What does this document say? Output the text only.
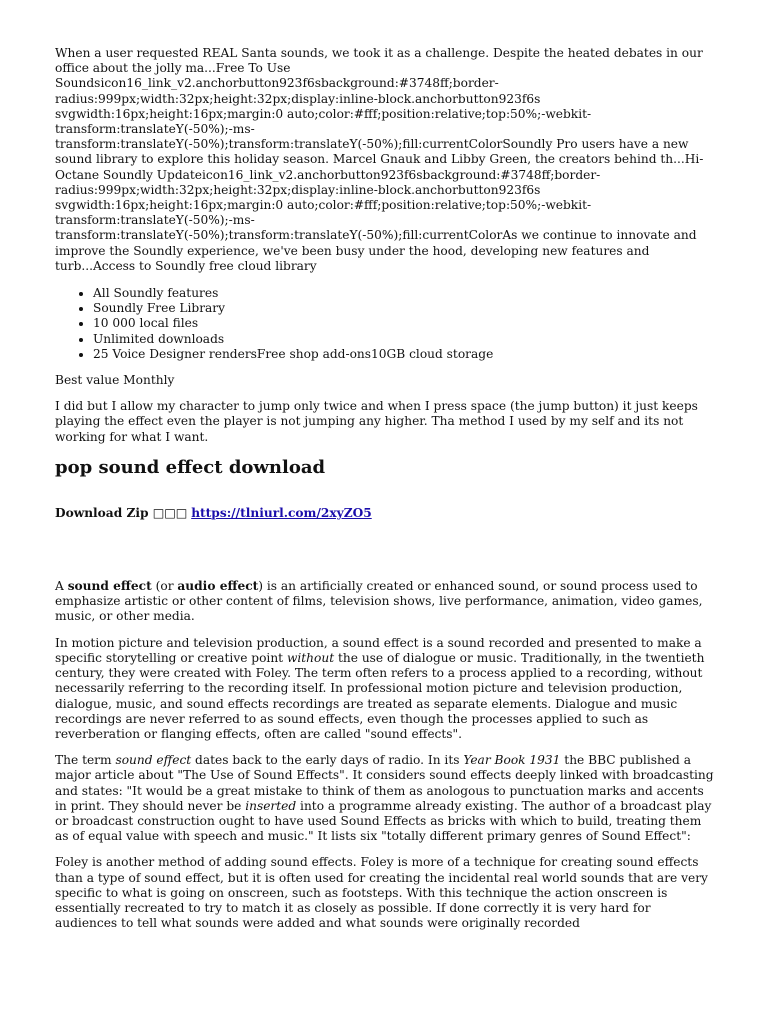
When a user requested REAL Santa sounds, we took it as a challenge. Despite the heated debates in our office about the jolly ma...Free To Use Soundsicon16_link_v2.anchorbutton923f6sbackground:#3748ff;border-radius:999px;width:32px;height:32px;display:inline-block.anchorbutton923f6s svgwidth:16px;height:16px;margin:0 auto;color:#fff;position:relative;top:50%;-webkit-transform:translateY(-50%);-ms-transform:translateY(-50%);transform:translateY(-50%);fill:currentColorSoundly Pro users have a new sound library to explore this holiday season. Marcel Gnauk and Libby Green, the creators behind th...Hi-Octane Soundly Updateicon16_link_v2.anchorbutton923f6sbackground:#3748ff;border-radius:999px;width:32px;height:32px;display:inline-block.anchorbutton923f6s svgwidth:16px;height:16px;margin:0 auto;color:#fff;position:relative;top:50%;-webkit-transform:translateY(-50%);-ms-transform:translateY(-50%);transform:translateY(-50%);fill:currentColorAs we continue to innovate and improve the Soundly experience, we've been busy under the hood, developing new features and turb...Access to Soundly free cloud library

• All Soundly features
• Soundly Free Library
• 10 000 local files
• Unlimited downloads
• 25 Voice Designer rendersFree shop add-ons10GB cloud storage

Best value Monthly

I did but I allow my character to jump only twice and when I press space (the jump button) it just keeps playing the effect even the player is not jumping any higher. Tha method I used by my self and its not working for what I want.

pop sound effect download

Download Zip □□□ https://tlniurl.com/2xyZO5

A sound effect (or audio effect) is an artificially created or enhanced sound, or sound process used to emphasize artistic or other content of films, television shows, live performance, animation, video games, music, or other media.

In motion picture and television production, a sound effect is a sound recorded and presented to make a specific storytelling or creative point without the use of dialogue or music. Traditionally, in the twentieth century, they were created with Foley. The term often refers to a process applied to a recording, without necessarily referring to the recording itself. In professional motion picture and television production, dialogue, music, and sound effects recordings are treated as separate elements. Dialogue and music recordings are never referred to as sound effects, even though the processes applied to such as reverberation or flanging effects, often are called "sound effects".

The term sound effect dates back to the early days of radio. In its Year Book 1931 the BBC published a major article about "The Use of Sound Effects". It considers sound effects deeply linked with broadcasting and states: "It would be a great mistake to think of them as anologous to punctuation marks and accents in print. They should never be inserted into a programme already existing. The author of a broadcast play or broadcast construction ought to have used Sound Effects as bricks with which to build, treating them as of equal value with speech and music." It lists six "totally different primary genres of Sound Effect":

Foley is another method of adding sound effects. Foley is more of a technique for creating sound effects than a type of sound effect, but it is often used for creating the incidental real world sounds that are very specific to what is going on onscreen, such as footsteps. With this technique the action onscreen is essentially recreated to try to match it as closely as possible. If done correctly it is very hard for audiences to tell what sounds were added and what sounds were originally recorded
